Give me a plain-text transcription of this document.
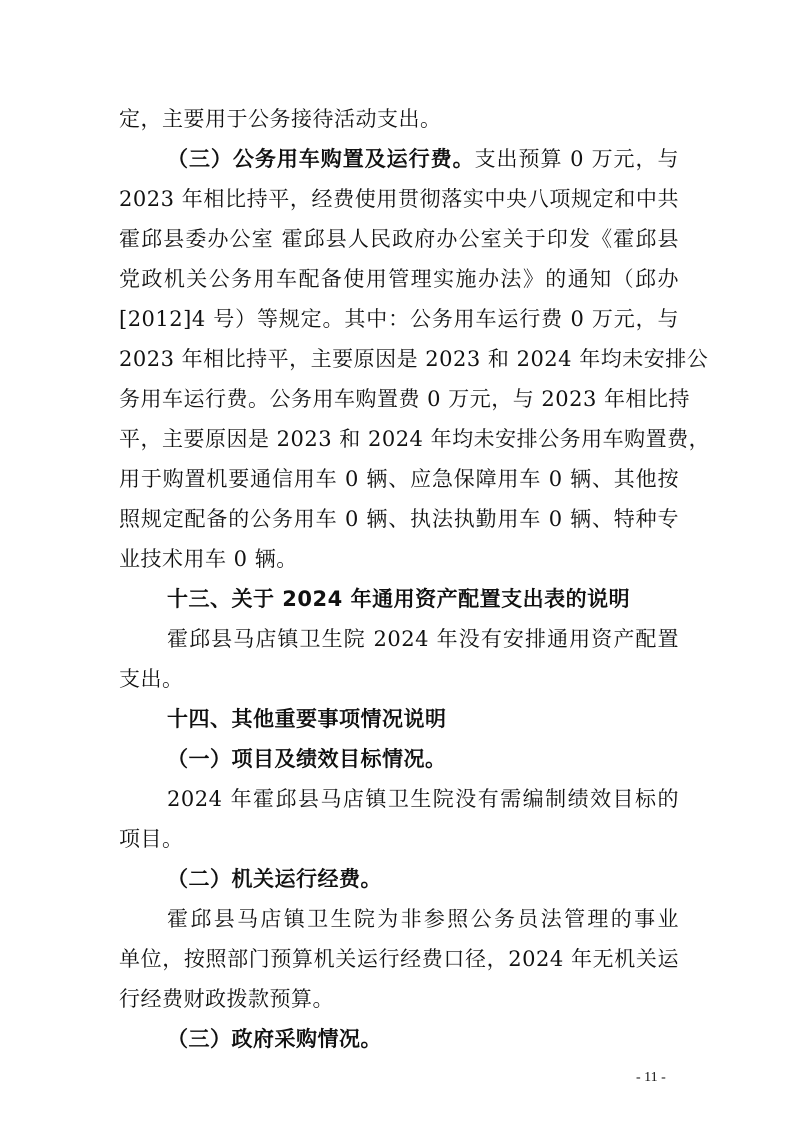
定，主要用于公务接待活动支出。
（三）公务用车购置及运行费。支出预算 0 万元，与
2023 年相比持平，经费使用贯彻落实中央八项规定和中共
霍邱县委办公室 霍邱县人民政府办公室关于印发《霍邱县
党政机关公务用车配备使用管理实施办法》的通知（邱办
[2012]4 号）等规定。其中：公务用车运行费 0 万元，与
2023 年相比持平，主要原因是 2023 和 2024 年均未安排公
务用车运行费。公务用车购置费 0 万元，与 2023 年相比持
平，主要原因是 2023 和 2024 年均未安排公务用车购置费，
用于购置机要通信用车 0 辆、应急保障用车 0 辆、其他按
照规定配备的公务用车 0 辆、执法执勤用车 0 辆、特种专
业技术用车 0 辆。
十三、关于 2024 年通用资产配置支出表的说明
霍邱县马店镇卫生院 2024 年没有安排通用资产配置
支出。
十四、其他重要事项情况说明
（一）项目及绩效目标情况。
2024 年霍邱县马店镇卫生院没有需编制绩效目标的
项目。
（二）机关运行经费。
霍邱县马店镇卫生院为非参照公务员法管理的事业
单位，按照部门预算机关运行经费口径，2024 年无机关运
行经费财政拨款预算。
（三）政府采购情况。
- 11 -
